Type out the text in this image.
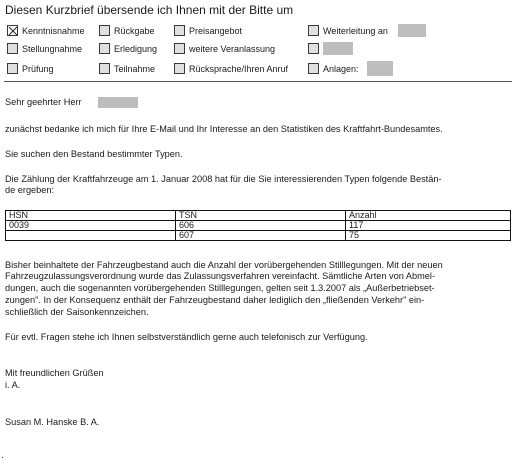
Diesen Kurzbrief übersende ich Ihnen mit der Bitte um
Kenntnisnahme	Rückgabe	Preisangebot	Weiterleitung an
Stellungnahme	Erledigung	weitere Veranlassung
Prüfung	Teilnahme	Rücksprache/Ihren Anruf	Anlagen:
Sehr geehrter Herr
zunächst bedanke ich mich für Ihre E-Mail und Ihr Interesse an den Statistiken des Kraftfahrt-Bundesamtes.
Sie suchen den Bestand bestimmter Typen.
Die Zählung der Kraftfahrzeuge am 1. Januar 2008 hat für die Sie interessierenden Typen folgende Bestän-
de ergeben:
HSN	TSN	Anzahl
0039	606	117
	607	75
Bisher beinhaltete der Fahrzeugbestand auch die Anzahl der vorübergehenden Stilllegungen. Mit der neuen
Fahrzeugzulassungsverordnung wurde das Zulassungsverfahren vereinfacht. Sämtliche Arten von Abmel-
dungen, auch die sogenannten vorübergehenden Stilllegungen, gelten seit 1.3.2007 als „Außerbetriebset-
zungen". In der Konsequenz enthält der Fahrzeugbestand daher lediglich den „fließenden Verkehr" ein-
schließlich der Saisonkennzeichen.
Für evtl. Fragen stehe ich Ihnen selbstverständlich gerne auch telefonisch zur Verfügung.
Mit freundlichen Grüßen
i. A.
Susan M. Hanske B. A.
